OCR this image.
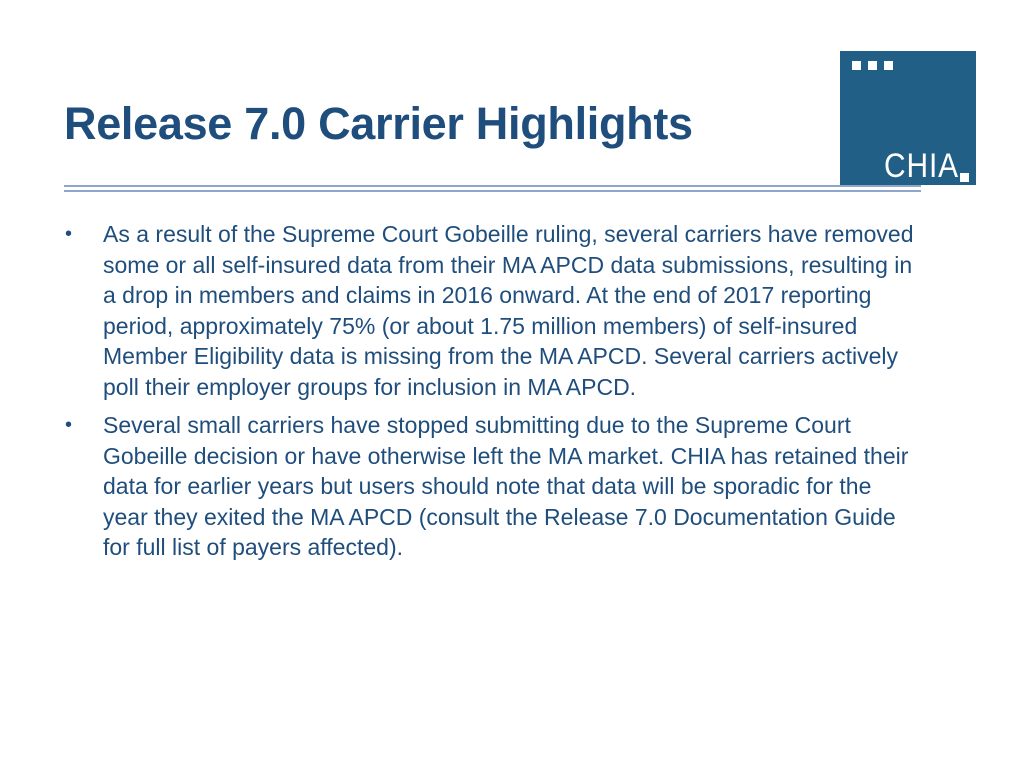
Release 7.0 Carrier Highlights
CHIA
• As a result of the Supreme Court Gobeille ruling, several carriers have removed some or all self-insured data from their MA APCD data submissions, resulting in a drop in members and claims in 2016 onward. At the end of 2017 reporting period, approximately 75% (or about 1.75 million members) of self-insured Member Eligibility data is missing from the MA APCD. Several carriers actively poll their employer groups for inclusion in MA APCD.
• Several small carriers have stopped submitting due to the Supreme Court Gobeille decision or have otherwise left the MA market. CHIA has retained their data for earlier years but users should note that data will be sporadic for the year they exited the MA APCD (consult the Release 7.0 Documentation Guide for full list of payers affected).
